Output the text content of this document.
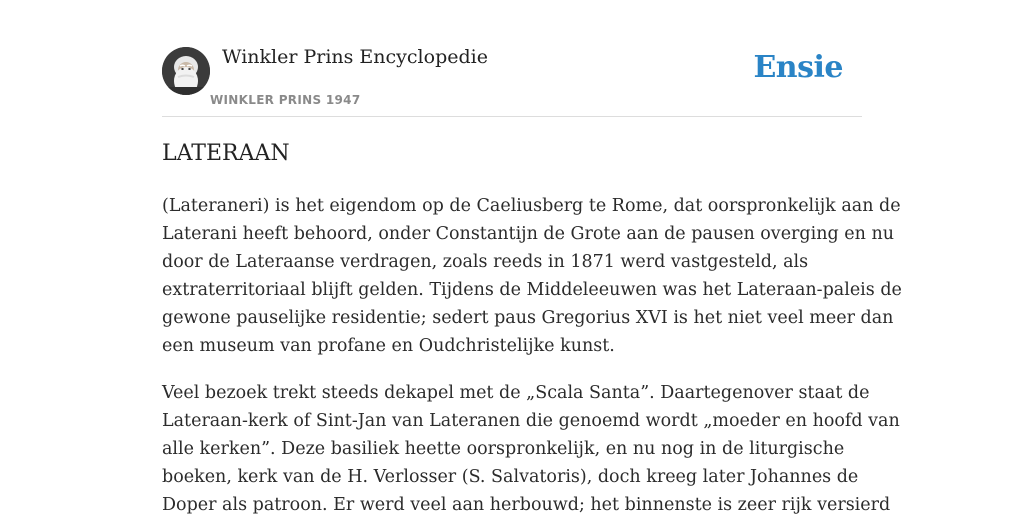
Winkler Prins Encyclopedie
WINKLER PRINS 1947
Ensie
LATERAAN

(Lateraneri) is het eigendom op de Caeliusberg te Rome, dat oorspronkelijk aan de
Laterani heeft behoord, onder Constantijn de Grote aan de pausen overging en nu
door de Lateraanse verdragen, zoals reeds in 1871 werd vastgesteld, als
extraterritoriaal blijft gelden. Tijdens de Middeleeuwen was het Lateraan-paleis de
gewone pauselijke residentie; sedert paus Gregorius XVI is het niet veel meer dan
een museum van profane en Oudchristelijke kunst.

Veel bezoek trekt steeds dekapel met de „Scala Santa”. Daartegenover staat de
Lateraan-kerk of Sint-Jan van Lateranen die genoemd wordt „moeder en hoofd van
alle kerken”. Deze basiliek heette oorspronkelijk, en nu nog in de liturgische
boeken, kerk van de H. Verlosser (S. Salvatoris), doch kreeg later Johannes de
Doper als patroon. Er werd veel aan herbouwd; het binnenste is zeer rijk versierd
